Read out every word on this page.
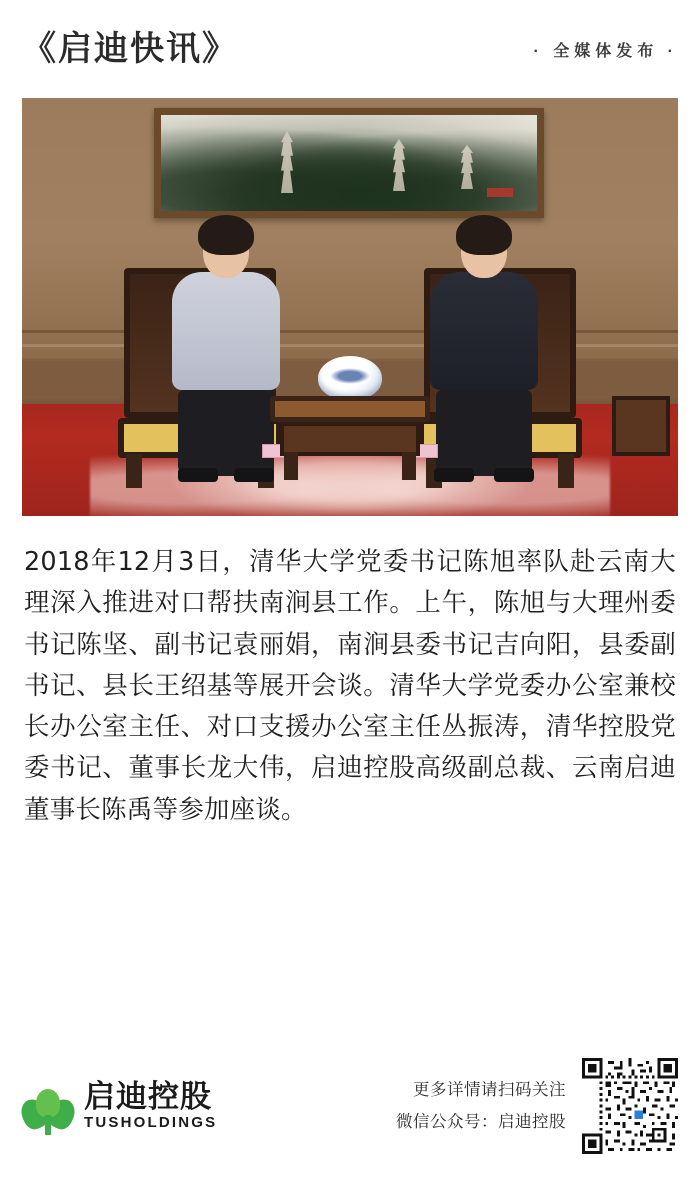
《启迪快讯》	· 全媒体发布 ·
2018年12月3日，清华大学党委书记陈旭率队赴云南大理深入推进对口帮扶南涧县工作。上午，陈旭与大理州委书记陈坚、副书记袁丽娟，南涧县委书记吉向阳，县委副书记、县长王绍基等展开会谈。清华大学党委办公室兼校长办公室主任、对口支援办公室主任丛振涛，清华控股党委书记、董事长龙大伟，启迪控股高级副总裁、云南启迪董事长陈禹等参加座谈。
启迪控股
TUSHOLDINGS
更多详情请扫码关注
微信公众号：启迪控股
